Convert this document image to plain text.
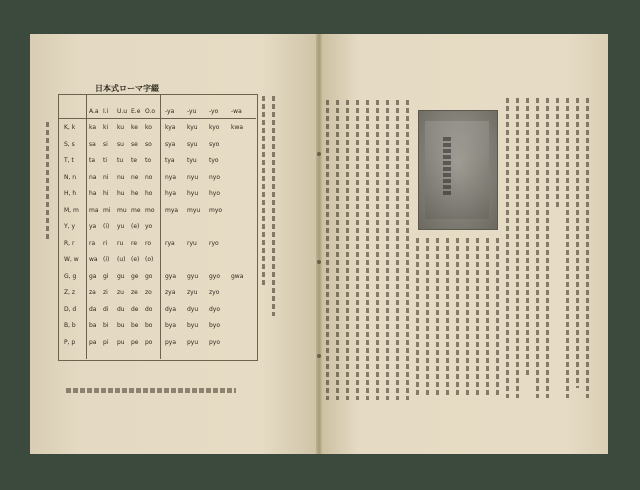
日本式ローマ字綴
A.a I.i U.u E.e O.o -ya -yu -yo -wa
K, k ka ki ku ke ko kya kyu kyo kwa
S, s sa si su se so sya syu syo
T, t	ta ti tu te to tya tyu tyo
N, n na ni nu ne no nya nyu nyo
H, h ha hi hu he ho hya hyu hyo
M, m ma mi mu me mo mya myu myo
Y, y ya (i) yu (e) yo
R, r ra ri ru re ro rya ryu ryo
W, w wa (i) (u) (e) (o)
G, g ga gi gu ge go gya gyu gyo gwa
Z, z za zi zu ze zo zya zyu zyo
D, d da di du de do dya dyu dyo
B, b ba bi bu be bo bya byu byo
P, p pa pi pu pe po pya pyu pyo
